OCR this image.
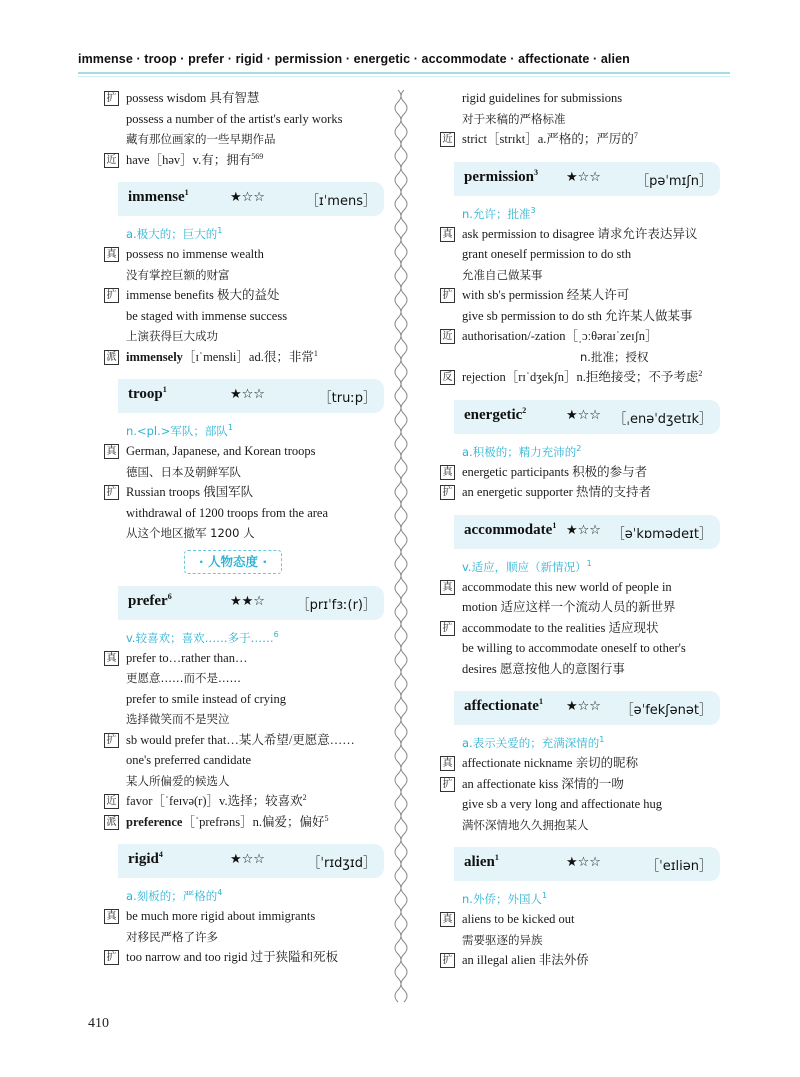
immense · troop · prefer · rigid · permission · energetic · accommodate · affectionate · alien
扩 possess wisdom 具有智慧
possess a number of the artist's early works
藏有那位画家的一些早期作品
近 have［həv］v.有；拥有$^{569}$
immense$^1$	★☆☆	［ɪˈmens］
a.极大的；巨大的$^1$
真 possess no immense wealth
没有掌控巨额的财富
扩 immense benefits 极大的益处
be staged with immense success
上演获得巨大成功
派 immensely［ɪˈmensli］ad.很；非常$^1$
troop$^1$	★☆☆	［truːp］
n.<pl.>军队；部队$^1$
真 German, Japanese, and Korean troops
德国、日本及朝鲜军队
扩 Russian troops 俄国军队
withdrawal of 1200 troops from the area
从这个地区撤军 1200 人
· 人物态度 ·
prefer$^6$	★★☆ ［prɪˈfɜː(r)］
v.较喜欢；喜欢……多于……$^6$
真 prefer to…rather than…
更愿意……而不是……
prefer to smile instead of crying
选择微笑而不是哭泣
扩 sb would prefer that…某人希望/更愿意……
one's preferred candidate
某人所偏爱的候选人
近 favor［ˈfeɪvə(r)］v.选择；较喜欢$^2$
派 preference［ˈprefrəns］n.偏爱；偏好$^5$
rigid$^4$	★☆☆	［ˈrɪdʒɪd］
a.刻板的；严格的$^4$
真 be much more rigid about immigrants
对移民严格了许多
扩 too narrow and too rigid 过于狭隘和死板
rigid guidelines for submissions
对于来稿的严格标准
近 strict［strɪkt］a.严格的；严厉的$^7$
permission$^3$ ★☆☆	［pəˈmɪʃn］
n.允许；批准$^3$
真 ask permission to disagree 请求允许表达异议
grant oneself permission to do sth
允准自己做某事
扩 with sb's permission 经某人许可
give sb permission to do sth 允许某人做某事
近 authorisation/-zation［ˌɔːθəraɪˈzeɪʃn］
n.批准；授权
反 rejection［rɪˈdʒekʃn］n.拒绝接受；不予考虑$^2$
energetic$^2$	★☆☆ ［ˌenəˈdʒetɪk］
a.积极的；精力充沛的$^2$
真 energetic participants 积极的参与者
扩 an energetic supporter 热情的支持者
accommodate$^1$ ★☆☆ ［əˈkɒmədeɪt］
v.适应，顺应（新情况）$^1$
真 accommodate this new world of people in
motion 适应这样一个流动人员的新世界
扩 accommodate to the realities 适应现状
be willing to accommodate oneself to other's
desires 愿意按他人的意图行事
affectionate$^1$ ★☆☆ ［əˈfekʃənət］
a.表示关爱的；充满深情的$^1$
真 affectionate nickname 亲切的昵称
扩 an affectionate kiss 深情的一吻
give sb a very long and affectionate hug
满怀深情地久久拥抱某人
alien$^1$	★☆☆	［ˈeɪliən］
n.外侨；外国人$^1$
真 aliens to be kicked out
需要驱逐的异族
扩 an illegal alien 非法外侨
410
